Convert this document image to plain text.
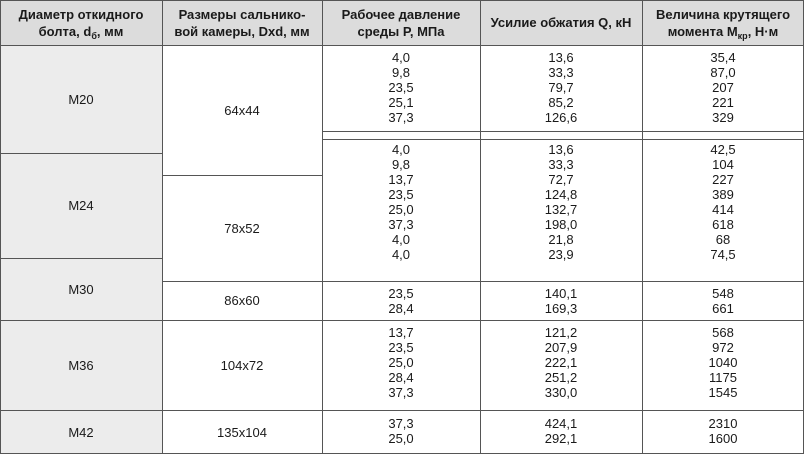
Диаметр откидного
болта, $d_б$, мм
Размеры сальнико-
вой камеры, Dxd, мм
Рабочее давление
среды P, МПа
Усилие обжатия Q, кН
Величина крутящего
момента $M_{кр}$, Н·м
M20
M24
M30
M36
M42
64x44
78x52
86x60
104x72
135x104
4,0
9,8
23,5
25,1
37,3
13,6
33,3
79,7
85,2
126,6
35,4
87,0
207
221
329
4,0
9,8
13,7
23,5
25,0
37,3
4,0
4,0
13,6
33,3
72,7
124,8
132,7
198,0
21,8
23,9
42,5
104
227
389
414
618
68
74,5
23,5
28,4
140,1
169,3
548
661
13,7
23,5
25,0
28,4
37,3
121,2
207,9
222,1
251,2
330,0
568
972
1040
1175
1545
37,3
25,0
424,1
292,1
2310
1600
